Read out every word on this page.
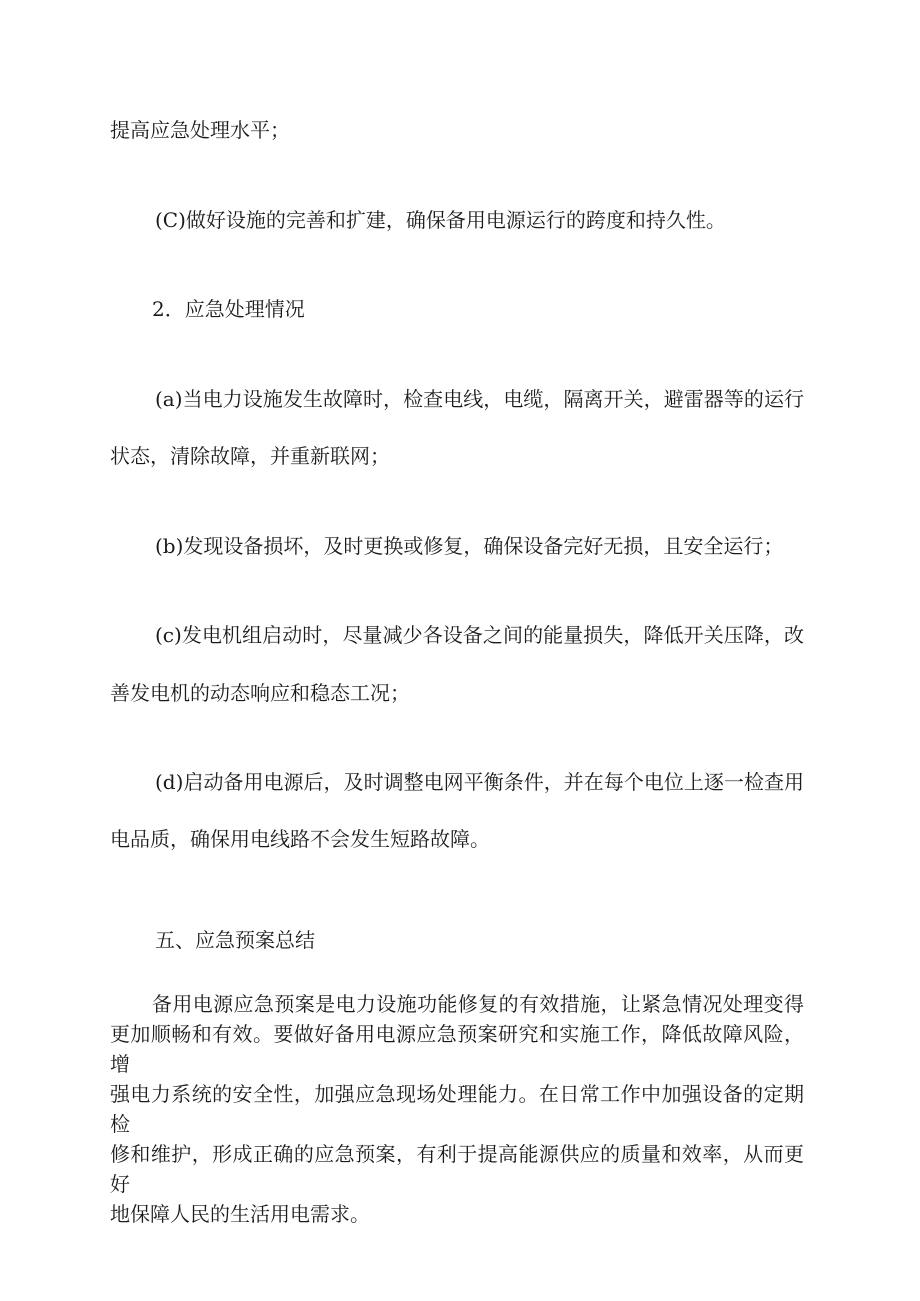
提高应急处理水平；

(C)做好设施的完善和扩建，确保备用电源运行的跨度和持久性。

2．应急处理情况

(a)当电力设施发生故障时，检查电线，电缆，隔离开关，避雷器等的运行

状态，清除故障，并重新联网；

(b)发现设备损坏，及时更换或修复，确保设备完好无损，且安全运行；

(c)发电机组启动时，尽量减少各设备之间的能量损失，降低开关压降，改

善发电机的动态响应和稳态工况；

(d)启动备用电源后，及时调整电网平衡条件，并在每个电位上逐一检查用

电品质，确保用电线路不会发生短路故障。

五、应急预案总结

备用电源应急预案是电力设施功能修复的有效措施，让紧急情况处理变得
更加顺畅和有效。要做好备用电源应急预案研究和实施工作，降低故障风险，增
强电力系统的安全性，加强应急现场处理能力。在日常工作中加强设备的定期检
修和维护，形成正确的应急预案，有利于提高能源供应的质量和效率，从而更好
地保障人民的生活用电需求。
